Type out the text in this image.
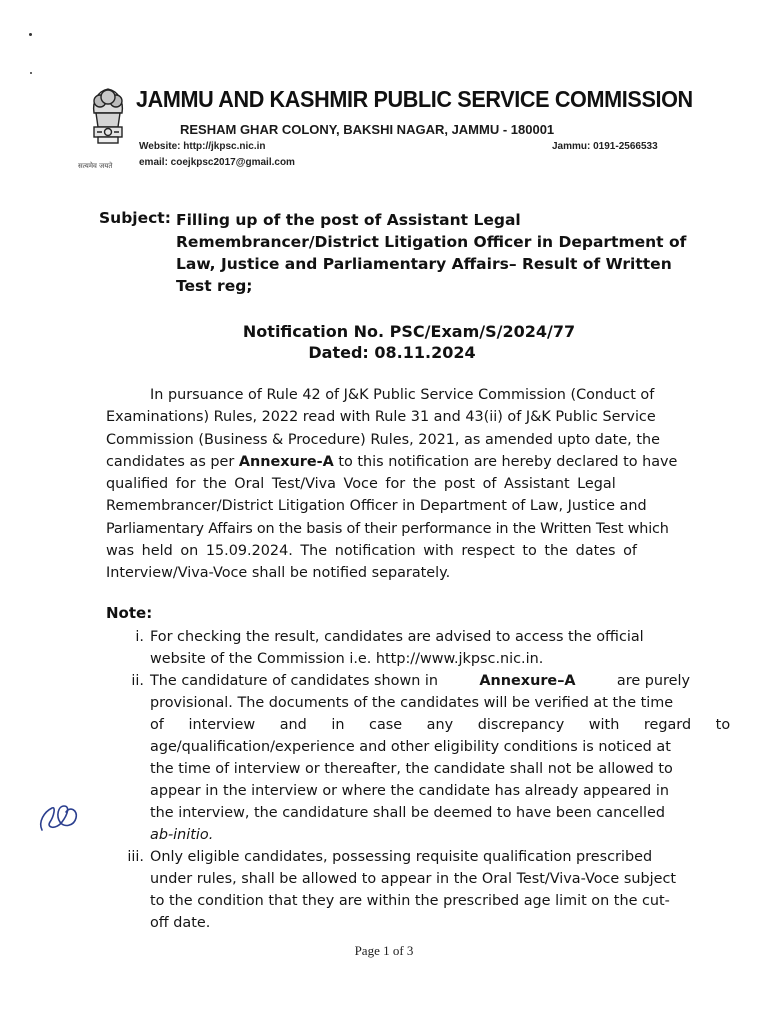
सत्यमेव जयते
JAMMU AND KASHMIR PUBLIC SERVICE COMMISSION
RESHAM GHAR COLONY, BAKSHI NAGAR, JAMMU - 180001
Website: http://jkpsc.nic.in
email: coejkpsc2017@gmail.com
Jammu: 0191-2566533
Subject: Filling up of the post of Assistant Legal
Remembrancer/District Litigation Officer in Department of
Law, Justice and Parliamentary Affairs– Result of Written
Test reg;
Notification No. PSC/Exam/S/2024/77
Dated: 08.11.2024
In pursuance of Rule 42 of J&K Public Service Commission (Conduct of
Examinations) Rules, 2022 read with Rule 31 and 43(ii) of J&K Public Service
Commission (Business & Procedure) Rules, 2021, as amended upto date, the
candidates as per Annexure-A to this notification are hereby declared to have
qualified for the Oral Test/Viva Voce for the post of Assistant Legal
Remembrancer/District Litigation Officer in Department of Law, Justice and
Parliamentary Affairs on the basis of their performance in the Written Test which
was held on 15.09.2024. The notification with respect to the dates of
Interview/Viva-Voce shall be notified separately.
Note:
i. For checking the result, candidates are advised to access the official
website of the Commission i.e. http://www.jkpsc.nic.in.
ii. The candidature of candidates shown in	Annexure–A	are purely
provisional. The documents of the candidates will be verified at the time
of interview and in case any discrepancy with regard to
age/qualification/experience and other eligibility conditions is noticed at
the time of interview or thereafter, the candidate shall not be allowed to
appear in the interview or where the candidate has already appeared in
the interview, the candidature shall be deemed to have been cancelled
ab-initio.
iii. Only eligible candidates, possessing requisite qualification prescribed
under rules, shall be allowed to appear in the Oral Test/Viva-Voce subject
to the condition that they are within the prescribed age limit on the cut-
off date.
Page 1 of 3
